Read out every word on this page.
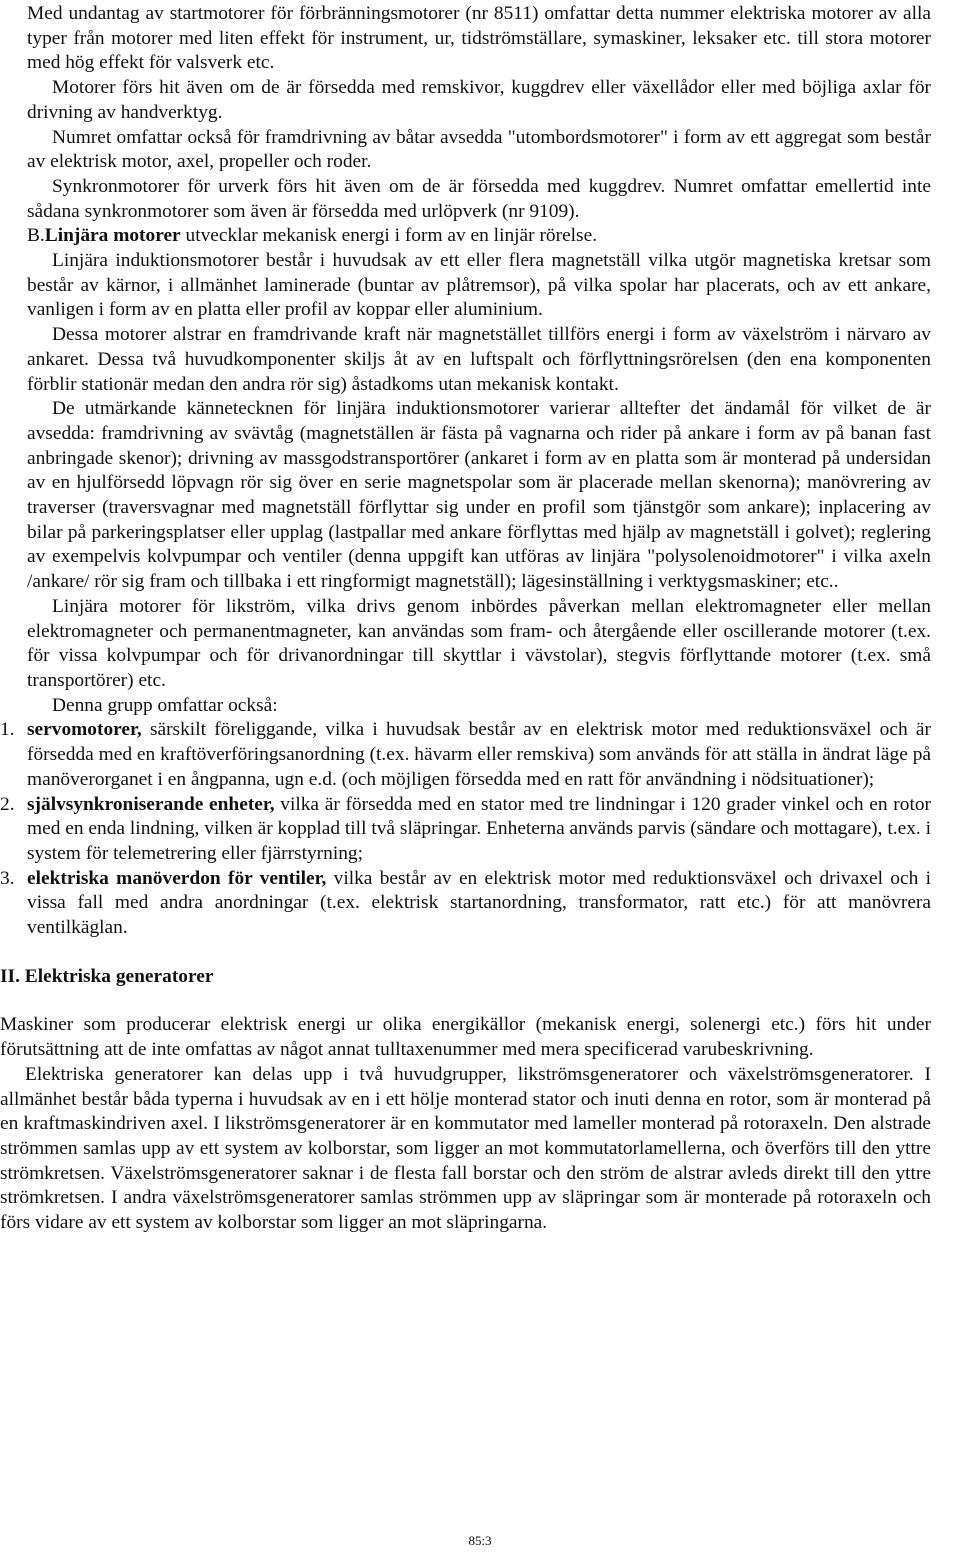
Med undantag av startmotorer för förbränningsmotorer (nr 8511) omfattar detta nummer elektriska motorer av alla typer från motorer med liten effekt för instrument, ur, tidströmställare, symaskiner, leksaker etc. till stora motorer med hög effekt för valsverk etc.

Motorer förs hit även om de är försedda med remskivor, kuggdrev eller växellådor eller med böjliga axlar för drivning av handverktyg.

Numret omfattar också för framdrivning av båtar avsedda "utombordsmotorer" i form av ett aggregat som består av elektrisk motor, axel, propeller och roder.

Synkronmotorer för urverk förs hit även om de är försedda med kuggdrev. Numret omfattar emellertid inte sådana synkronmotorer som även är försedda med urlöpverk (nr 9109).

B.Linjära motorer utvecklar mekanisk energi i form av en linjär rörelse.

Linjära induktionsmotorer består i huvudsak av ett eller flera magnetställ vilka utgör magnetiska kretsar som består av kärnor, i allmänhet laminerade (buntar av plåtremsor), på vilka spolar har placerats, och av ett ankare, vanligen i form av en platta eller profil av koppar eller aluminium.

Dessa motorer alstrar en framdrivande kraft när magnetstället tillförs energi i form av växelström i närvaro av ankaret. Dessa två huvudkomponenter skiljs åt av en luftspalt och förflyttningsrörelsen (den ena komponenten förblir stationär medan den andra rör sig) åstadkoms utan mekanisk kontakt.

De utmärkande kännetecknen för linjära induktionsmotorer varierar alltefter det ändamål för vilket de är avsedda: framdrivning av svävtåg (magnetställen är fästa på vagnarna och rider på ankare i form av på banan fast anbringade skenor); drivning av massgodstransportörer (ankaret i form av en platta som är monterad på undersidan av en hjulförsedd löpvagn rör sig över en serie magnetspolar som är placerade mellan skenorna); manövrering av traverser (traversvagnar med magnetställ förflyttar sig under en profil som tjänstgör som ankare); inplacering av bilar på parkeringsplatser eller upplag (lastpallar med ankare förflyttas med hjälp av magnetställ i golvet); reglering av exempelvis kolvpumpar och ventiler (denna uppgift kan utföras av linjära "polysolenoidmotorer" i vilka axeln /ankare/ rör sig fram och tillbaka i ett ringformigt magnetställ); lägesinställning i verktygsmaskiner; etc..

Linjära motorer för likström, vilka drivs genom inbördes påverkan mellan elektromagneter eller mellan elektromagneter och permanentmagneter, kan användas som fram- och återgående eller oscillerande motorer (t.ex. för vissa kolvpumpar och för drivanordningar till skyttlar i vävstolar), stegvis förflyttande motorer (t.ex. små transportörer) etc.

Denna grupp omfattar också:

1. servomotorer, särskilt föreliggande, vilka i huvudsak består av en elektrisk motor med reduktionsväxel och är försedda med en kraftöverföringsanordning (t.ex. hävarm eller remskiva) som används för att ställa in ändrat läge på manöverorganet i en ångpanna, ugn e.d. (och möjligen försedda med en ratt för användning i nödsituationer);

2. självsynkroniserande enheter, vilka är försedda med en stator med tre lindningar i 120 grader vinkel och en rotor med en enda lindning, vilken är kopplad till två släpringar. Enheterna används parvis (sändare och mottagare), t.ex. i system för telemetrering eller fjärrstyrning;

3. elektriska manöverdon för ventiler, vilka består av en elektrisk motor med reduktionsväxel och drivaxel och i vissa fall med andra anordningar (t.ex. elektrisk startanordning, transformator, ratt etc.) för att manövrera ventilkäglan.

II. Elektriska generatorer

Maskiner som producerar elektrisk energi ur olika energikällor (mekanisk energi, solenergi etc.) förs hit under förutsättning att de inte omfattas av något annat tulltaxenummer med mera specificerad varubeskrivning.

Elektriska generatorer kan delas upp i två huvudgrupper, likströmsgeneratorer och växelströmsgeneratorer. I allmänhet består båda typerna i huvudsak av en i ett hölje monterad stator och inuti denna en rotor, som är monterad på en kraftmaskindriven axel. I likströmsgeneratorer är en kommutator med lameller monterad på rotoraxeln. Den alstrade strömmen samlas upp av ett system av kolborstar, som ligger an mot kommutatorlamellerna, och överförs till den yttre strömkretsen. Växelströmsgeneratorer saknar i de flesta fall borstar och den ström de alstrar avleds direkt till den yttre strömkretsen. I andra växelströmsgeneratorer samlas strömmen upp av släpringar som är monterade på rotoraxeln och förs vidare av ett system av kolborstar som ligger an mot släpringarna.

85:3
